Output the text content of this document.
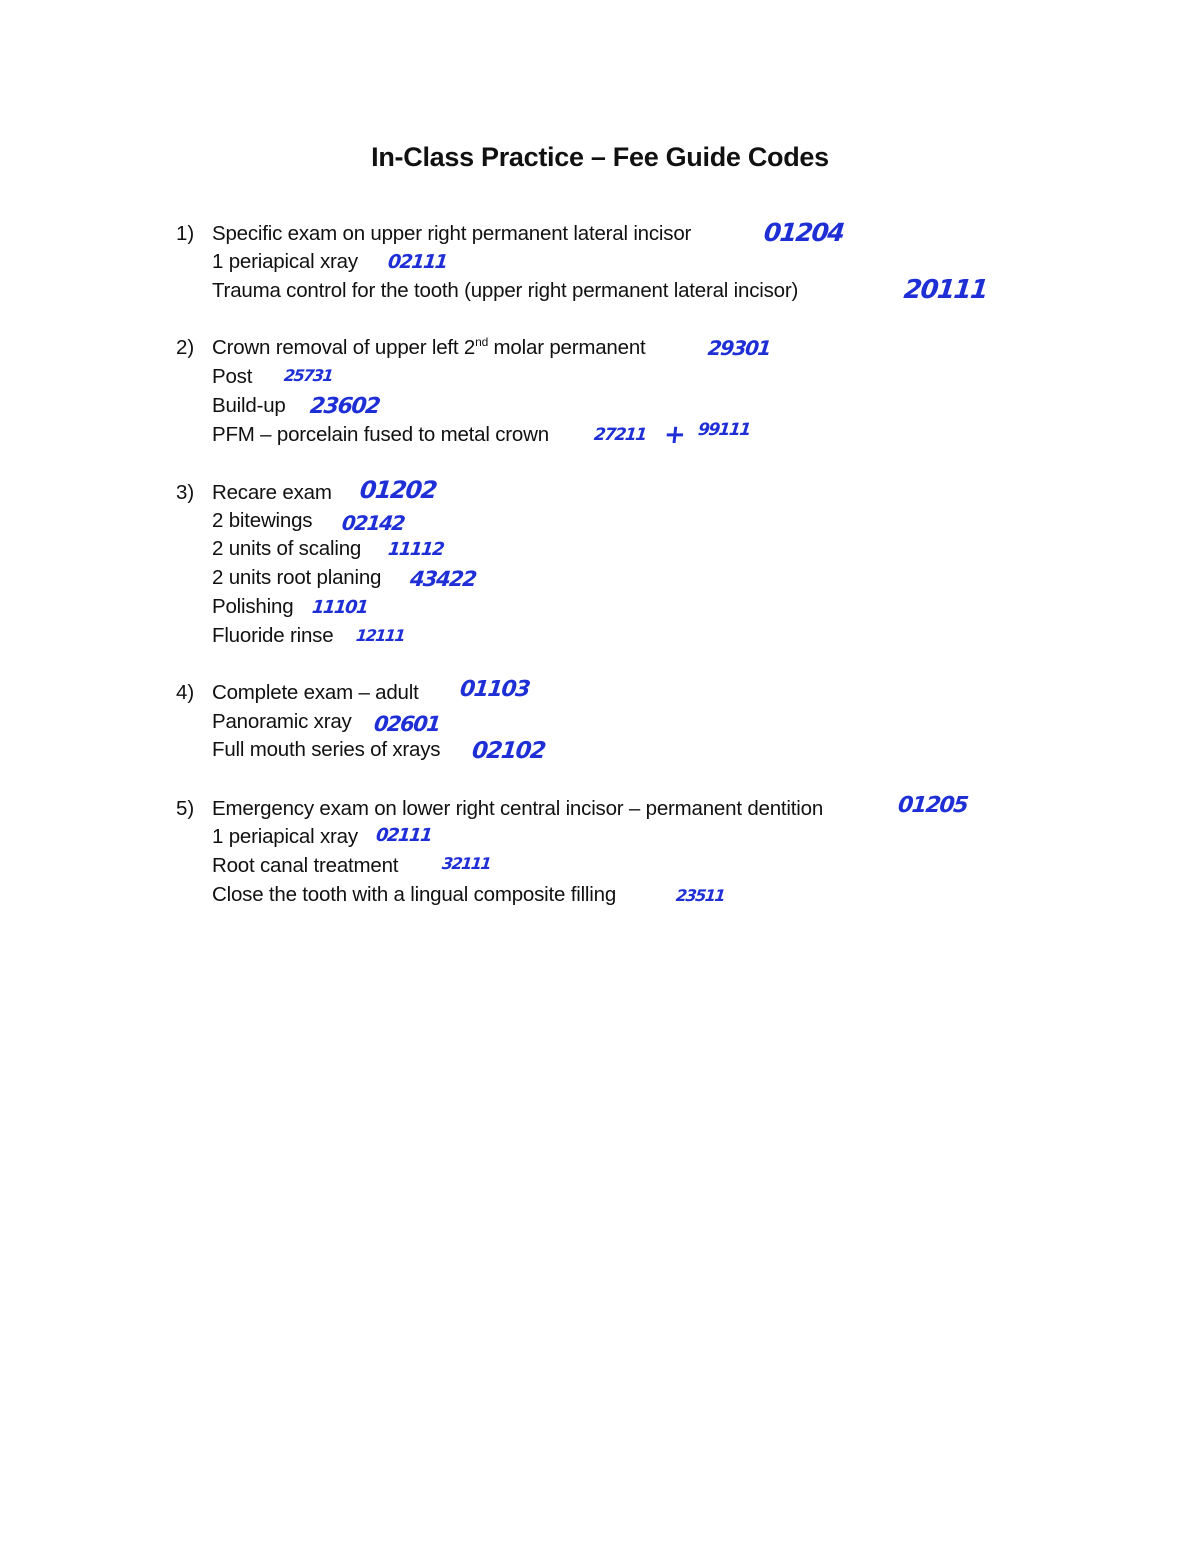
In-Class Practice – Fee Guide Codes
1) Specific exam on upper right permanent lateral incisor	01204
1 periapical xray 02111
Trauma control for the tooth (upper right permanent lateral incisor)	20111
2) Crown removal of upper left 2nd molar permanent	29301
Post 25731
Build-up 23602
PFM – porcelain fused to metal crown	27211 + 99111
3) Recare exam 01202
2 bitewings 02142
2 units of scaling 11112
2 units root planing 43422
Polishing 11101
Fluoride rinse 12111
4) Complete exam – adult 01103
Panoramic xray 02601
Full mouth series of xrays 02102
5) Emergency exam on lower right central incisor – permanent dentition	01205
1 periapical xray 02111
Root canal treatment	32111
Close the tooth with a lingual composite filling	23511
